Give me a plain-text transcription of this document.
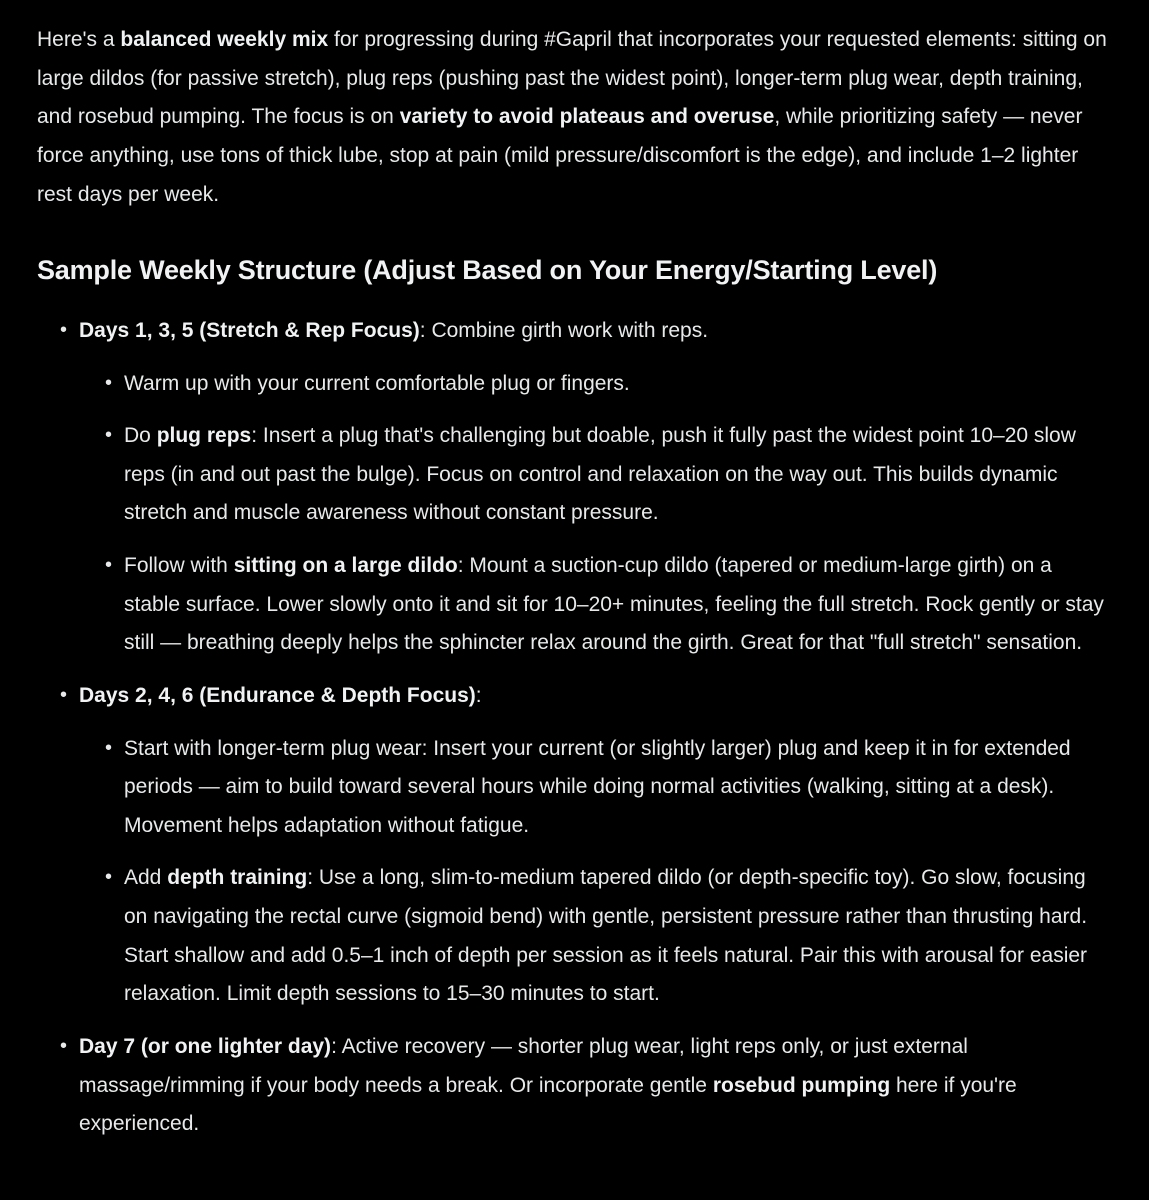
Here's a balanced weekly mix for progressing during #Gapril that incorporates your requested elements: sitting on large dildos (for passive stretch), plug reps (pushing past the widest point), longer-term plug wear, depth training, and rosebud pumping. The focus is on variety to avoid plateaus and overuse, while prioritizing safety — never force anything, use tons of thick lube, stop at pain (mild pressure/discomfort is the edge), and include 1–2 lighter rest days per week.

Sample Weekly Structure (Adjust Based on Your Energy/Starting Level)

• Days 1, 3, 5 (Stretch & Rep Focus): Combine girth work with reps.

• Warm up with your current comfortable plug or fingers.

• Do plug reps: Insert a plug that's challenging but doable, push it fully past the widest point 10–20 slow reps (in and out past the bulge). Focus on control and relaxation on the way out. This builds dynamic stretch and muscle awareness without constant pressure.

• Follow with sitting on a large dildo: Mount a suction-cup dildo (tapered or medium-large girth) on a stable surface. Lower slowly onto it and sit for 10–20+ minutes, feeling the full stretch. Rock gently or stay still — breathing deeply helps the sphincter relax around the girth. Great for that "full stretch" sensation.

• Days 2, 4, 6 (Endurance & Depth Focus):

• Start with longer-term plug wear: Insert your current (or slightly larger) plug and keep it in for extended periods — aim to build toward several hours while doing normal activities (walking, sitting at a desk). Movement helps adaptation without fatigue.

• Add depth training: Use a long, slim-to-medium tapered dildo (or depth-specific toy). Go slow, focusing on navigating the rectal curve (sigmoid bend) with gentle, persistent pressure rather than thrusting hard. Start shallow and add 0.5–1 inch of depth per session as it feels natural. Pair this with arousal for easier relaxation. Limit depth sessions to 15–30 minutes to start.

• Day 7 (or one lighter day): Active recovery — shorter plug wear, light reps only, or just external massage/rimming if your body needs a break. Or incorporate gentle rosebud pumping here if you're experienced.
